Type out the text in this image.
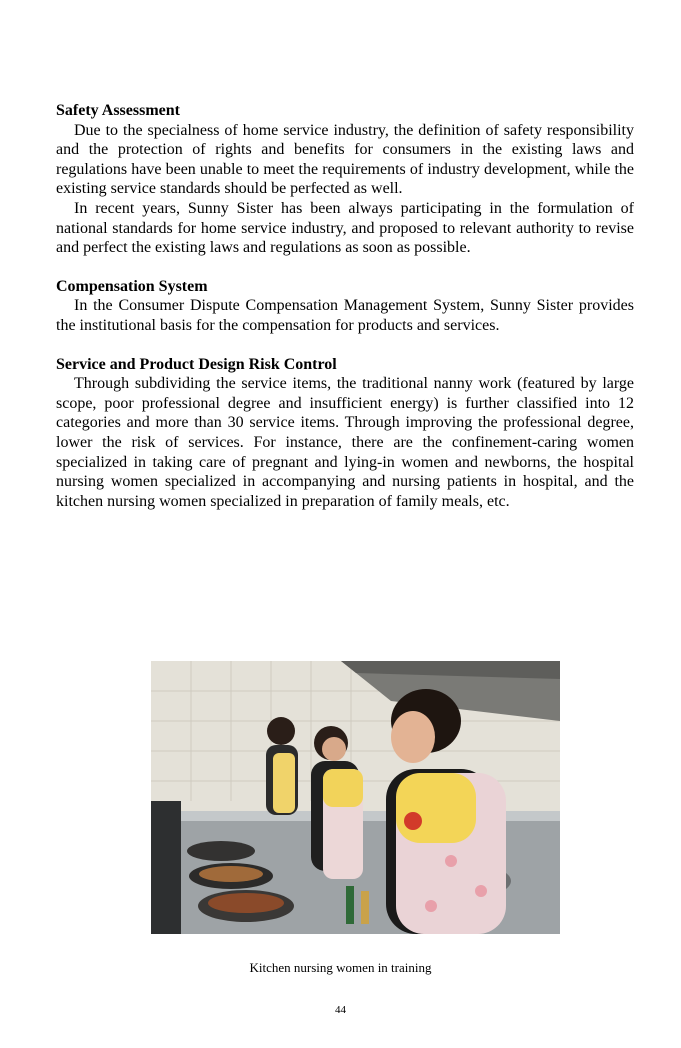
Safety Assessment

Due to the specialness of home service industry, the definition of safety responsibility and the protection of rights and benefits for consumers in the existing laws and regulations have been unable to meet the requirements of industry development, while the existing service standards should be perfected as well.

In recent years, Sunny Sister has been always participating in the formulation of national standards for home service industry, and proposed to relevant authority to revise and perfect the existing laws and regulations as soon as possible.

Compensation System

In the Consumer Dispute Compensation Management System, Sunny Sister provides the institutional basis for the compensation for products and services.

Service and Product Design Risk Control

Through subdividing the service items, the traditional nanny work (featured by large scope, poor professional degree and insufficient energy) is further classified into 12 categories and more than 30 service items. Through improving the professional degree, lower the risk of services. For instance, there are the confinement-caring women specialized in taking care of pregnant and lying-in women and newborns, the hospital nursing women specialized in accompanying and nursing patients in hospital, and the kitchen nursing women specialized in preparation of family meals, etc.

Kitchen nursing women in training
44
